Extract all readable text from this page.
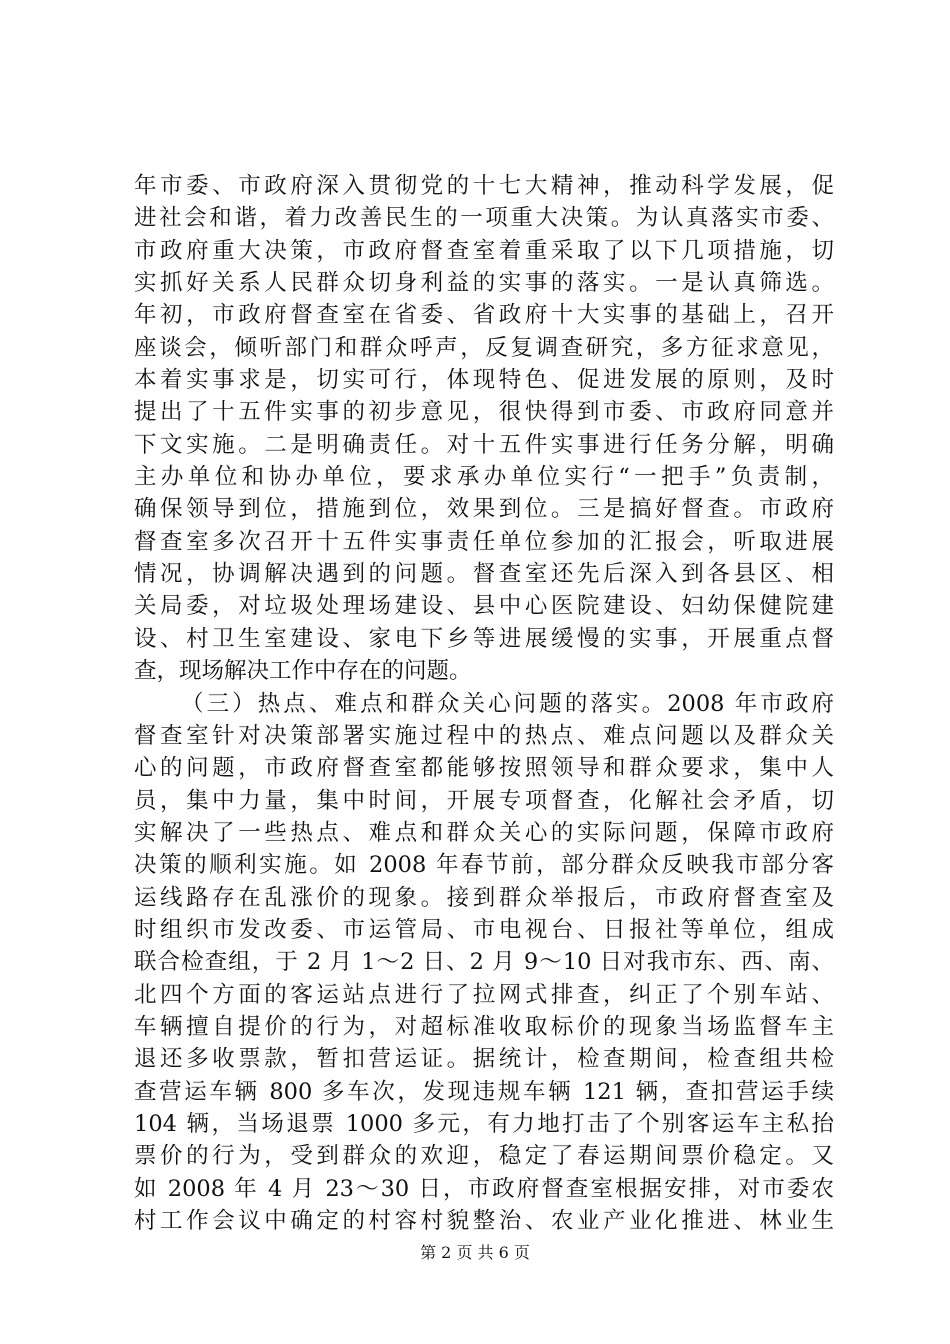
年市委、市政府深入贯彻党的十七大精神，推动科学发展，促
进社会和谐，着力改善民生的一项重大决策。为认真落实市委、
市政府重大决策，市政府督查室着重采取了以下几项措施，切
实抓好关系人民群众切身利益的实事的落实。一是认真筛选。
年初，市政府督查室在省委、省政府十大实事的基础上，召开
座谈会，倾听部门和群众呼声，反复调查研究，多方征求意见，
本着实事求是，切实可行，体现特色、促进发展的原则，及时
提出了十五件实事的初步意见，很快得到市委、市政府同意并
下文实施。二是明确责任。对十五件实事进行任务分解，明确
主办单位和协办单位，要求承办单位实行“一把手”负责制，
确保领导到位，措施到位，效果到位。三是搞好督查。市政府
督查室多次召开十五件实事责任单位参加的汇报会，听取进展
情况，协调解决遇到的问题。督查室还先后深入到各县区、相
关局委，对垃圾处理场建设、县中心医院建设、妇幼保健院建
设、村卫生室建设、家电下乡等进展缓慢的实事，开展重点督
查，现场解决工作中存在的问题。
（三）热点、难点和群众关心问题的落实。2008 年市政府
督查室针对决策部署实施过程中的热点、难点问题以及群众关
心的问题，市政府督查室都能够按照领导和群众要求，集中人
员，集中力量，集中时间，开展专项督查，化解社会矛盾，切
实解决了一些热点、难点和群众关心的实际问题，保障市政府
决策的顺利实施。如 2008 年春节前，部分群众反映我市部分客
运线路存在乱涨价的现象。接到群众举报后，市政府督查室及
时组织市发改委、市运管局、市电视台、日报社等单位，组成
联合检查组，于 2 月 1～2 日、2 月 9～10 日对我市东、西、南、
北四个方面的客运站点进行了拉网式排查，纠正了个别车站、
车辆擅自提价的行为，对超标准收取标价的现象当场监督车主
退还多收票款，暂扣营运证。据统计，检查期间，检查组共检
查营运车辆 800 多车次，发现违规车辆 121 辆，查扣营运手续
104 辆，当场退票 1000 多元，有力地打击了个别客运车主私抬
票价的行为，受到群众的欢迎，稳定了春运期间票价稳定。又
如 2008 年 4 月 23～30 日，市政府督查室根据安排，对市委农
村工作会议中确定的村容村貌整治、农业产业化推进、林业生
第 2 页 共 6 页
